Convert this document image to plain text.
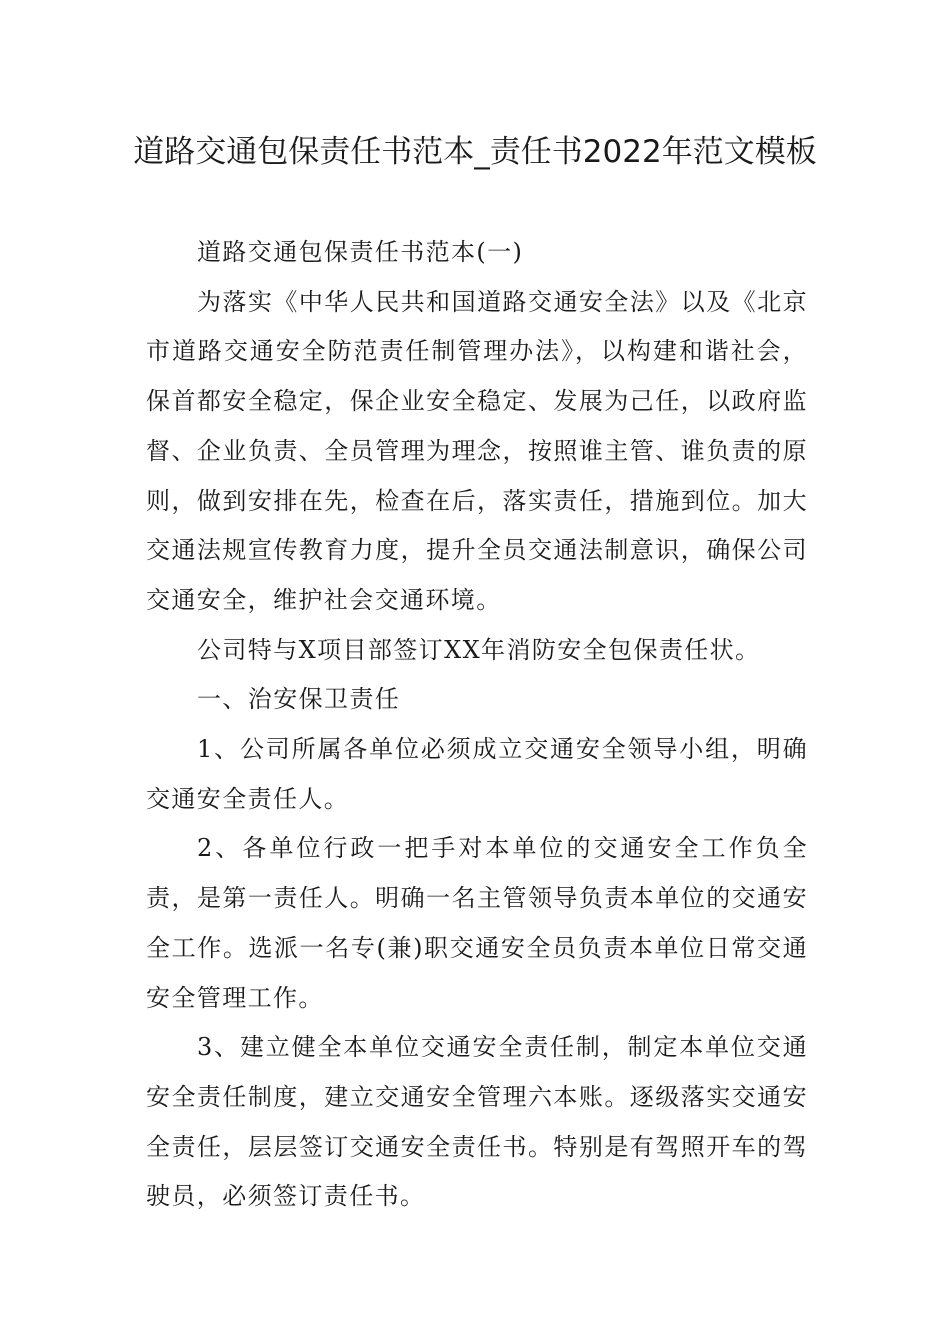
道路交通包保责任书范本_责任书2022年范文模板

道路交通包保责任书范本(一)

为落实《中华人民共和国道路交通安全法》以及《北京市道路交通安全防范责任制管理办法》，以构建和谐社会，保首都安全稳定，保企业安全稳定、发展为己任，以政府监督、企业负责、全员管理为理念，按照谁主管、谁负责的原则，做到安排在先，检查在后，落实责任，措施到位。加大交通法规宣传教育力度，提升全员交通法制意识，确保公司交通安全，维护社会交通环境。

公司特与X项目部签订XX年消防安全包保责任状。

一、治安保卫责任

1、公司所属各单位必须成立交通安全领导小组，明确交通安全责任人。

2、各单位行政一把手对本单位的交通安全工作负全责，是第一责任人。明确一名主管领导负责本单位的交通安全工作。选派一名专(兼)职交通安全员负责本单位日常交通安全管理工作。

3、建立健全本单位交通安全责任制，制定本单位交通安全责任制度，建立交通安全管理六本账。逐级落实交通安全责任，层层签订交通安全责任书。特别是有驾照开车的驾驶员，必须签订责任书。
